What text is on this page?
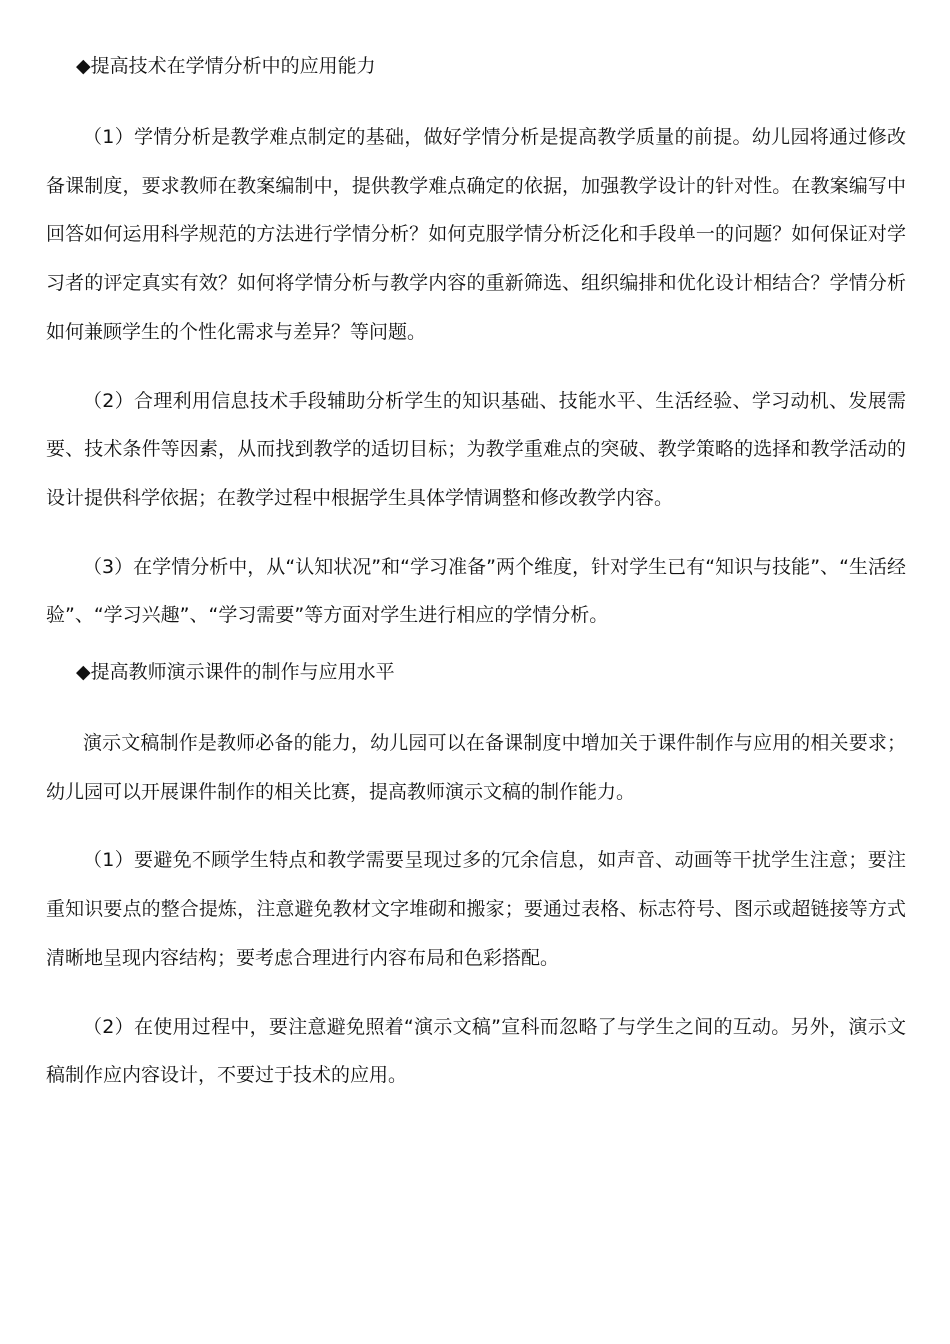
◆提高技术在学情分析中的应用能力

（1）学情分析是教学难点制定的基础，做好学情分析是提高教学质量的前提。幼儿园将通过修改备课制度，要求教师在教案编制中，提供教学难点确定的依据，加强教学设计的针对性。在教案编写中回答如何运用科学规范的方法进行学情分析？如何克服学情分析泛化和手段单一的问题？如何保证对学习者的评定真实有效？如何将学情分析与教学内容的重新筛选、组织编排和优化设计相结合？学情分析如何兼顾学生的个性化需求与差异？等问题。

（2）合理利用信息技术手段辅助分析学生的知识基础、技能水平、生活经验、学习动机、发展需要、技术条件等因素，从而找到教学的适切目标；为教学重难点的突破、教学策略的选择和教学活动的设计提供科学依据；在教学过程中根据学生具体学情调整和修改教学内容。

（3）在学情分析中，从“认知状况”和“学习准备”两个维度，针对学生已有“知识与技能”、“生活经验”、“学习兴趣”、“学习需要”等方面对学生进行相应的学情分析。

◆提高教师演示课件的制作与应用水平

演示文稿制作是教师必备的能力，幼儿园可以在备课制度中增加关于课件制作与应用的相关要求；幼儿园可以开展课件制作的相关比赛，提高教师演示文稿的制作能力。

（1）要避免不顾学生特点和教学需要呈现过多的冗余信息，如声音、动画等干扰学生注意；要注重知识要点的整合提炼，注意避免教材文字堆砌和搬家；要通过表格、标志符号、图示或超链接等方式清晰地呈现内容结构；要考虑合理进行内容布局和色彩搭配。

（2）在使用过程中，要注意避免照着“演示文稿”宣科而忽略了与学生之间的互动。另外，演示文稿制作应内容设计，不要过于技术的应用。
